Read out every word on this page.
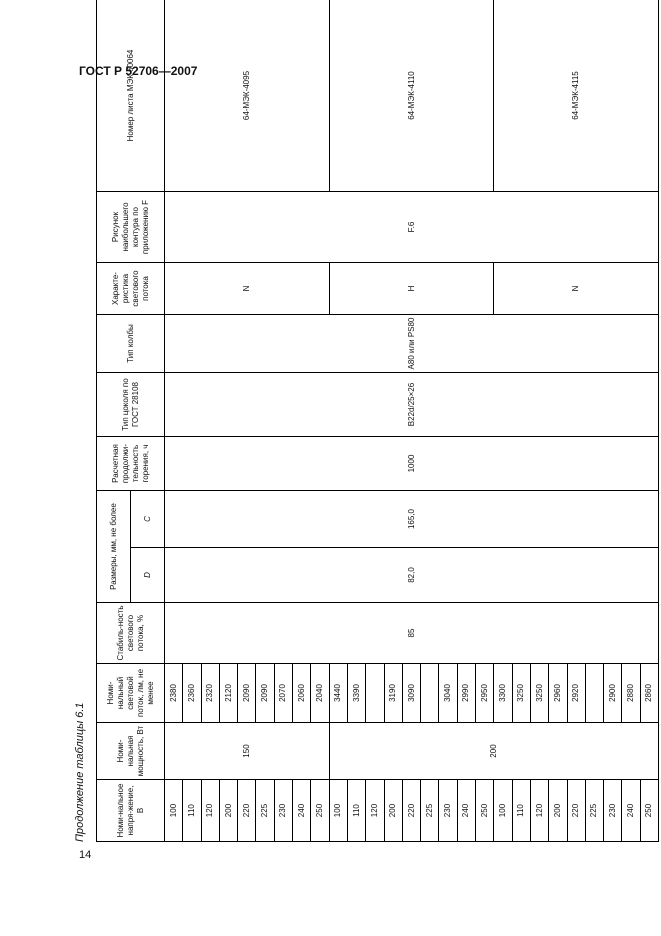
ГОСТ Р 52706—2007
Продолжение таблицы 6.1	Номи-нальное напря-жение, В	Номи-нальная мощность, Вт	Номи-нальный световой поток, лм, не менее	Стабиль-ность светового потока, %	Размеры, мм, не более		Расчетная продолжи-тельность горения, ч	Тип цоколя по ГОСТ 28108	Тип колбы	Характе-ристика светового потока	Рисунок наибольшего контура по приложению F	Номер листа МЭК 60064
				D	C						
100	150	2380	85	82,0	165,0	1000	B22d/25×26	A80 или PS80	N	F.6	64-МЭК-4095
110		2360									
120		2320									
200		2120									
220		2090									
225		2090									
230		2070									
240		2060									
250		2040									
100	200	3440							H		64-МЭК-4110
110		3390									
120											
200		3190									
220		3090									
225											
230		3040									
240		2990									
250		2950									
100		3300							N		64-МЭК-4115
110		3250									
120		3250									
200		2960									
220		2920									
225											
230		2900									
240		2880									
250		2860									
14
